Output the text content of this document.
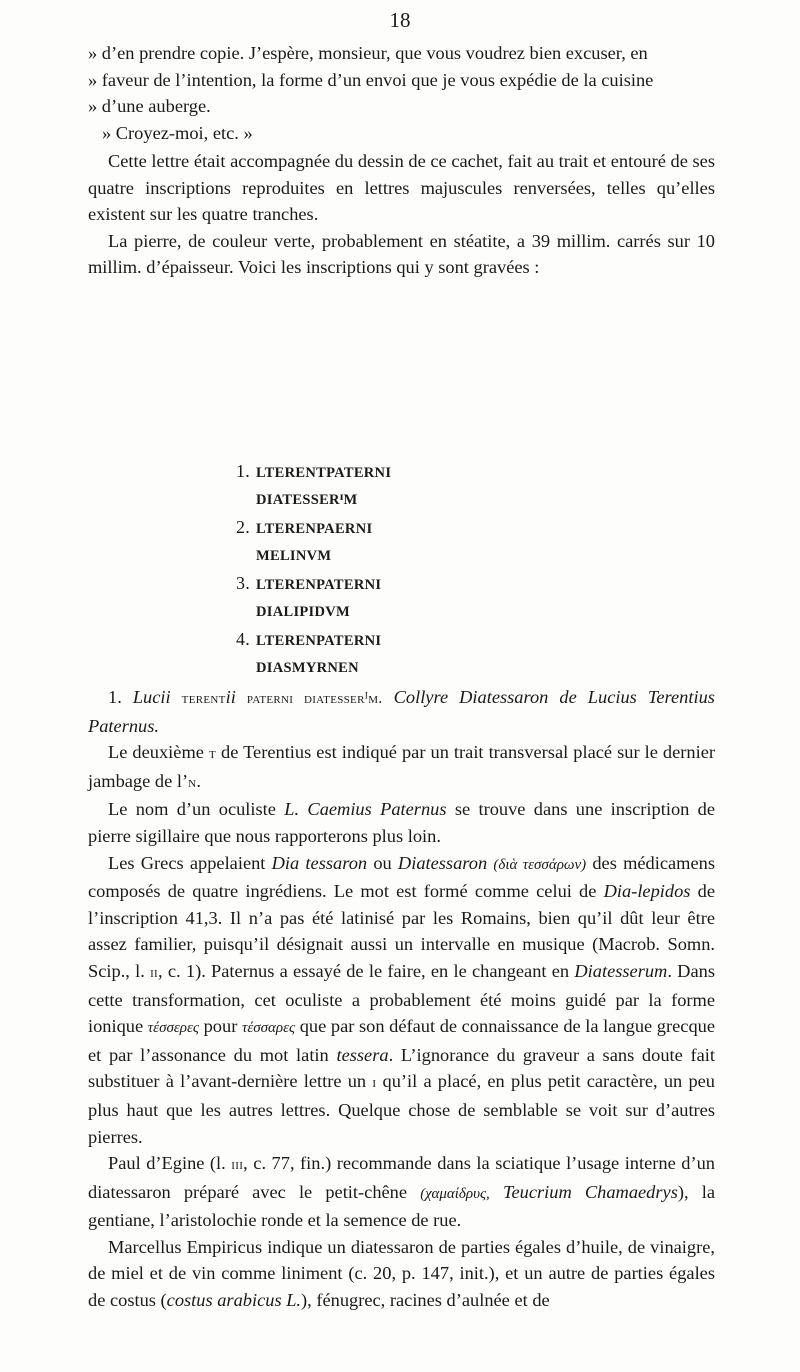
18

» d’en prendre copie. J’espère, monsieur, que vous voudrez bien excuser, en

» faveur de l’intention, la forme d’un envoi que je vous expédie de la cuisine

» d’une auberge.

» Croyez-moi, etc. »

Cette lettre était accompagnée du dessin de ce cachet, fait au trait et entouré de ses quatre inscriptions reproduites en lettres majuscules renversées, telles qu’elles existent sur les quatre tranches.

La pierre, de couleur verte, probablement en stéatite, a 39 millim. carrés sur 10 millim. d’épaisseur. Voici les inscriptions qui y sont gravées :

1. LTERENTPATERNI

DIATESSERᴵM

2. LTERENPAERNI

MELINVM

3. LTERENPATERNI

DIALIPIDVM

4. LTERENPATERNI

DIASMYRNEN

1. Lucii terentii paterni diatesserᴵm. Collyre Diatessaron de Lucius Terentius Paternus.

Le deuxième t de Terentius est indiqué par un trait transversal placé sur le dernier jambage de l’n.

Le nom d’un oculiste L. Caemius Paternus se trouve dans une inscription de pierre sigillaire que nous rapporterons plus loin.

Les Grecs appelaient Dia tessaron ou Diatessaron (διὰ τεσσάρων) des médicamens composés de quatre ingrédiens. Le mot est formé comme celui de Dia-lepidos de l’inscription 41,3. Il n’a pas été latinisé par les Romains, bien qu’il dût leur être assez familier, puisqu’il désignait aussi un intervalle en musique (Macrob. Somn. Scip., l. ii, c. 1). Paternus a essayé de le faire, en le changeant en Diatesserum. Dans cette transformation, cet oculiste a probablement été moins guidé par la forme ionique τέσσερες pour τέσσαρες que par son défaut de connaissance de la langue grecque et par l’assonance du mot latin tessera. L’ignorance du graveur a sans doute fait substituer à l’avant-dernière lettre un i qu’il a placé, en plus petit caractère, un peu plus haut que les autres lettres. Quelque chose de semblable se voit sur d’autres pierres.

Paul d’Egine (l. iii, c. 77, fin.) recommande dans la sciatique l’usage interne d’un diatessaron préparé avec le petit-chêne (χαμαίδρυς, Teucrium Chamaedrys), la gentiane, l’aristolochie ronde et la semence de rue.

Marcellus Empiricus indique un diatessaron de parties égales d’huile, de vinaigre, de miel et de vin comme liniment (c. 20, p. 147, init.), et un autre de parties égales de costus (costus arabicus L.), fénugrec, racines d’aulnée et de
